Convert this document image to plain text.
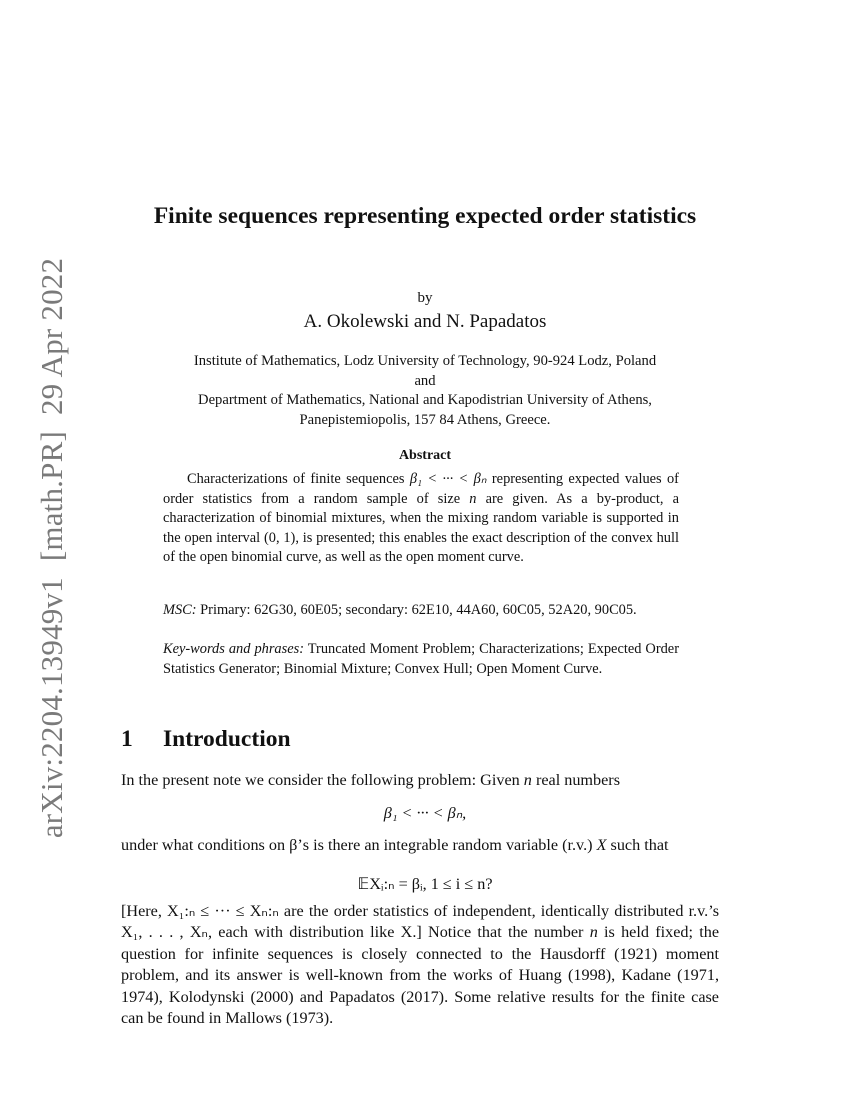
arXiv:2204.13949v1[math.PR]29 Apr 2022
Finite sequences representing expected order statistics
by
A. Okolewski and N. Papadatos
Institute of Mathematics, Lodz University of Technology, 90-924 Lodz, Poland
and
Department of Mathematics, National and Kapodistrian University of Athens,
Panepistemiopolis, 157 84 Athens, Greece.
Abstract

Characterizations of finite sequences β₁ < ··· < βₙ representing expected values of order statistics from a random sample of size n are given. As a by-product, a characterization of binomial mixtures, when the mixing random variable is supported in the open interval (0, 1), is presented; this enables the exact description of the convex hull of the open binomial curve, as well as the open moment curve.

MSC: Primary: 62G30, 60E05; secondary: 62E10, 44A60, 60C05, 52A20, 90C05.

Key-words and phrases: Truncated Moment Problem; Characterizations; Expected Order Statistics Generator; Binomial Mixture; Convex Hull; Open Moment Curve.

1 Introduction

In the present note we consider the following problem: Given n real numbers

β₁ < ··· < βₙ,

under what conditions on β’s is there an integrable random variable (r.v.) X such that

𝔼Xᵢ:ₙ = βᵢ, 1 ≤ i ≤ n?

[Here, X₁:ₙ ≤ ··· ≤ Xₙ:ₙ are the order statistics of independent, identically distributed r.v.’s X₁, . . . , Xₙ, each with distribution like X.] Notice that the number n is held fixed; the question for infinite sequences is closely connected to the Hausdorff (1921) moment problem, and its answer is well-known from the works of Huang (1998), Kadane (1971, 1974), Kolodynski (2000) and Papadatos (2017). Some relative results for the finite case can be found in Mallows (1973).
